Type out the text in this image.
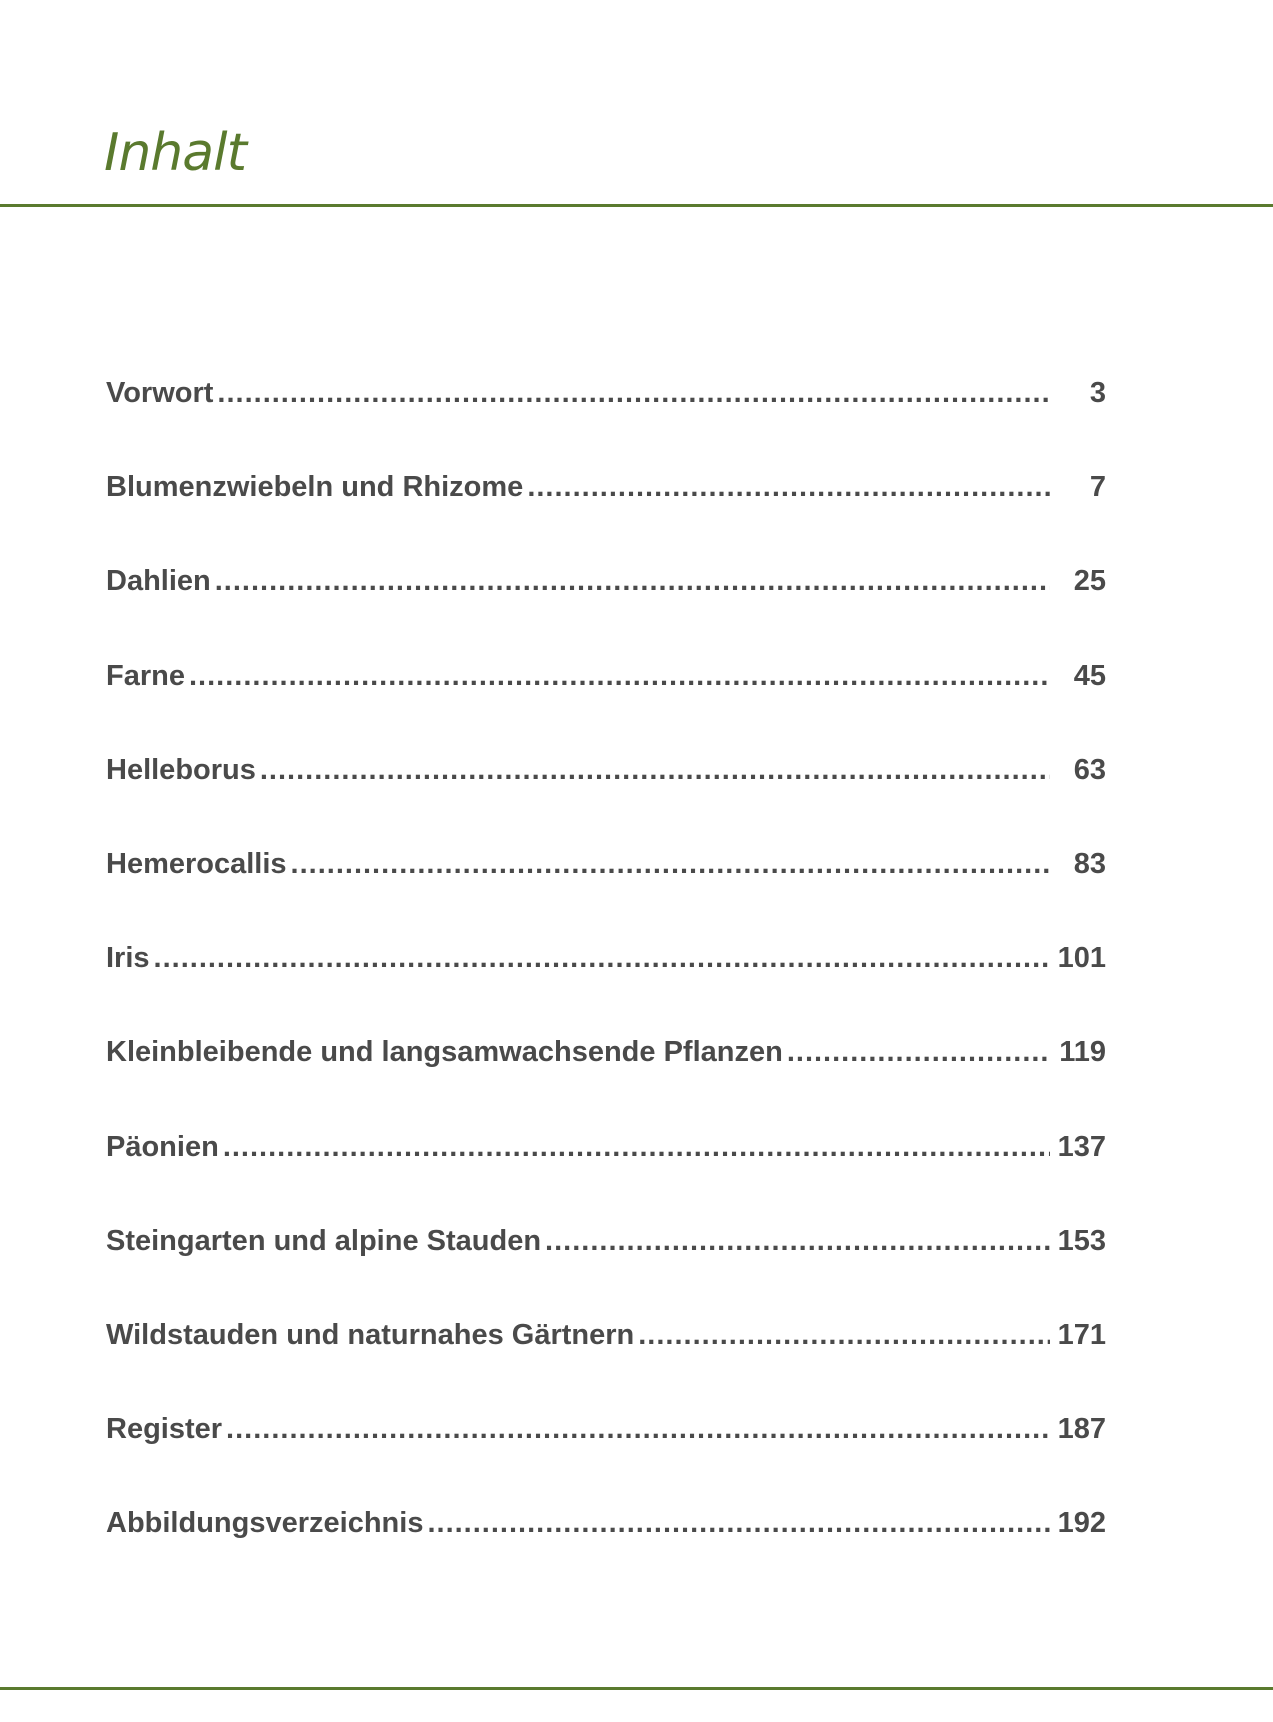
Inhalt
Vorwort .....	3
Blumenzwiebeln und Rhizome .....	7
Dahlien .....	25
Farne .....	45
Helleborus .....	63
Hemerocallis .....	83
Iris .....	101
Kleinbleibende und langsamwachsende Pflanzen .....	119
Päonien .....	137
Steingarten und alpine Stauden .....	153
Wildstauden und naturnahes Gärtnern .....	171
Register .....	187
Abbildungsverzeichnis .....	192
